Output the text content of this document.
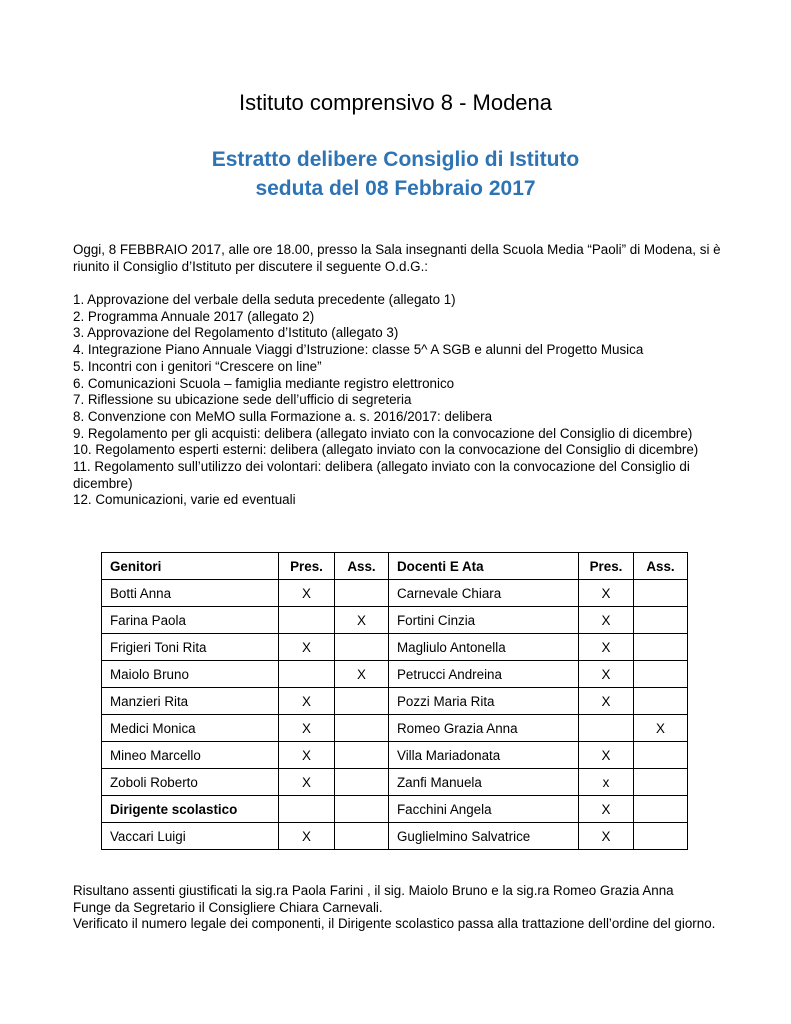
Istituto comprensivo 8 - Modena
Estratto delibere Consiglio di Istituto
seduta del 08 Febbraio 2017
Oggi, 8 FEBBRAIO 2017, alle ore 18.00, presso la Sala insegnanti della Scuola Media “Paoli” di Modena, si è riunito il Consiglio d’Istituto per discutere il seguente O.d.G.:
1. Approvazione del verbale della seduta precedente (allegato 1)
2. Programma Annuale 2017 (allegato 2)
3. Approvazione del Regolamento d’Istituto (allegato 3)
4. Integrazione Piano Annuale Viaggi d’Istruzione: classe 5^ A SGB e alunni del Progetto Musica
5. Incontri con i genitori “Crescere on line”
6. Comunicazioni Scuola – famiglia mediante registro elettronico
7. Riflessione su ubicazione sede dell’ufficio di segreteria
8. Convenzione con MeMO sulla Formazione a. s. 2016/2017: delibera
9. Regolamento per gli acquisti: delibera (allegato inviato con la convocazione del Consiglio di dicembre)
10. Regolamento esperti esterni: delibera (allegato inviato con la convocazione del Consiglio di dicembre)
11. Regolamento sull’utilizzo dei volontari: delibera (allegato inviato con la convocazione del Consiglio di dicembre)
12. Comunicazioni, varie ed eventuali
Genitori	Pres.	Ass.	Docenti E Ata	Pres.	Ass.
Botti Anna	X		Carnevale Chiara	X	
Farina Paola		X	Fortini Cinzia	X	
Frigieri Toni Rita	X		Magliulo Antonella	X	
Maiolo Bruno		X	Petrucci Andreina	X	
Manzieri Rita	X		Pozzi Maria Rita	X	
Medici Monica	X		Romeo Grazia Anna		X
Mineo Marcello	X		Villa Mariadonata	X	
Zoboli Roberto	X		Zanfi Manuela	x	
Dirigente scolastico			Facchini Angela	X	
Vaccari Luigi	X		Guglielmino Salvatrice	X	
Risultano assenti giustificati la sig.ra Paola Farini , il sig. Maiolo Bruno e la sig.ra Romeo Grazia Anna
Funge da Segretario il Consigliere Chiara Carnevali.
Verificato il numero legale dei componenti, il Dirigente scolastico passa alla trattazione dell’ordine del giorno.
